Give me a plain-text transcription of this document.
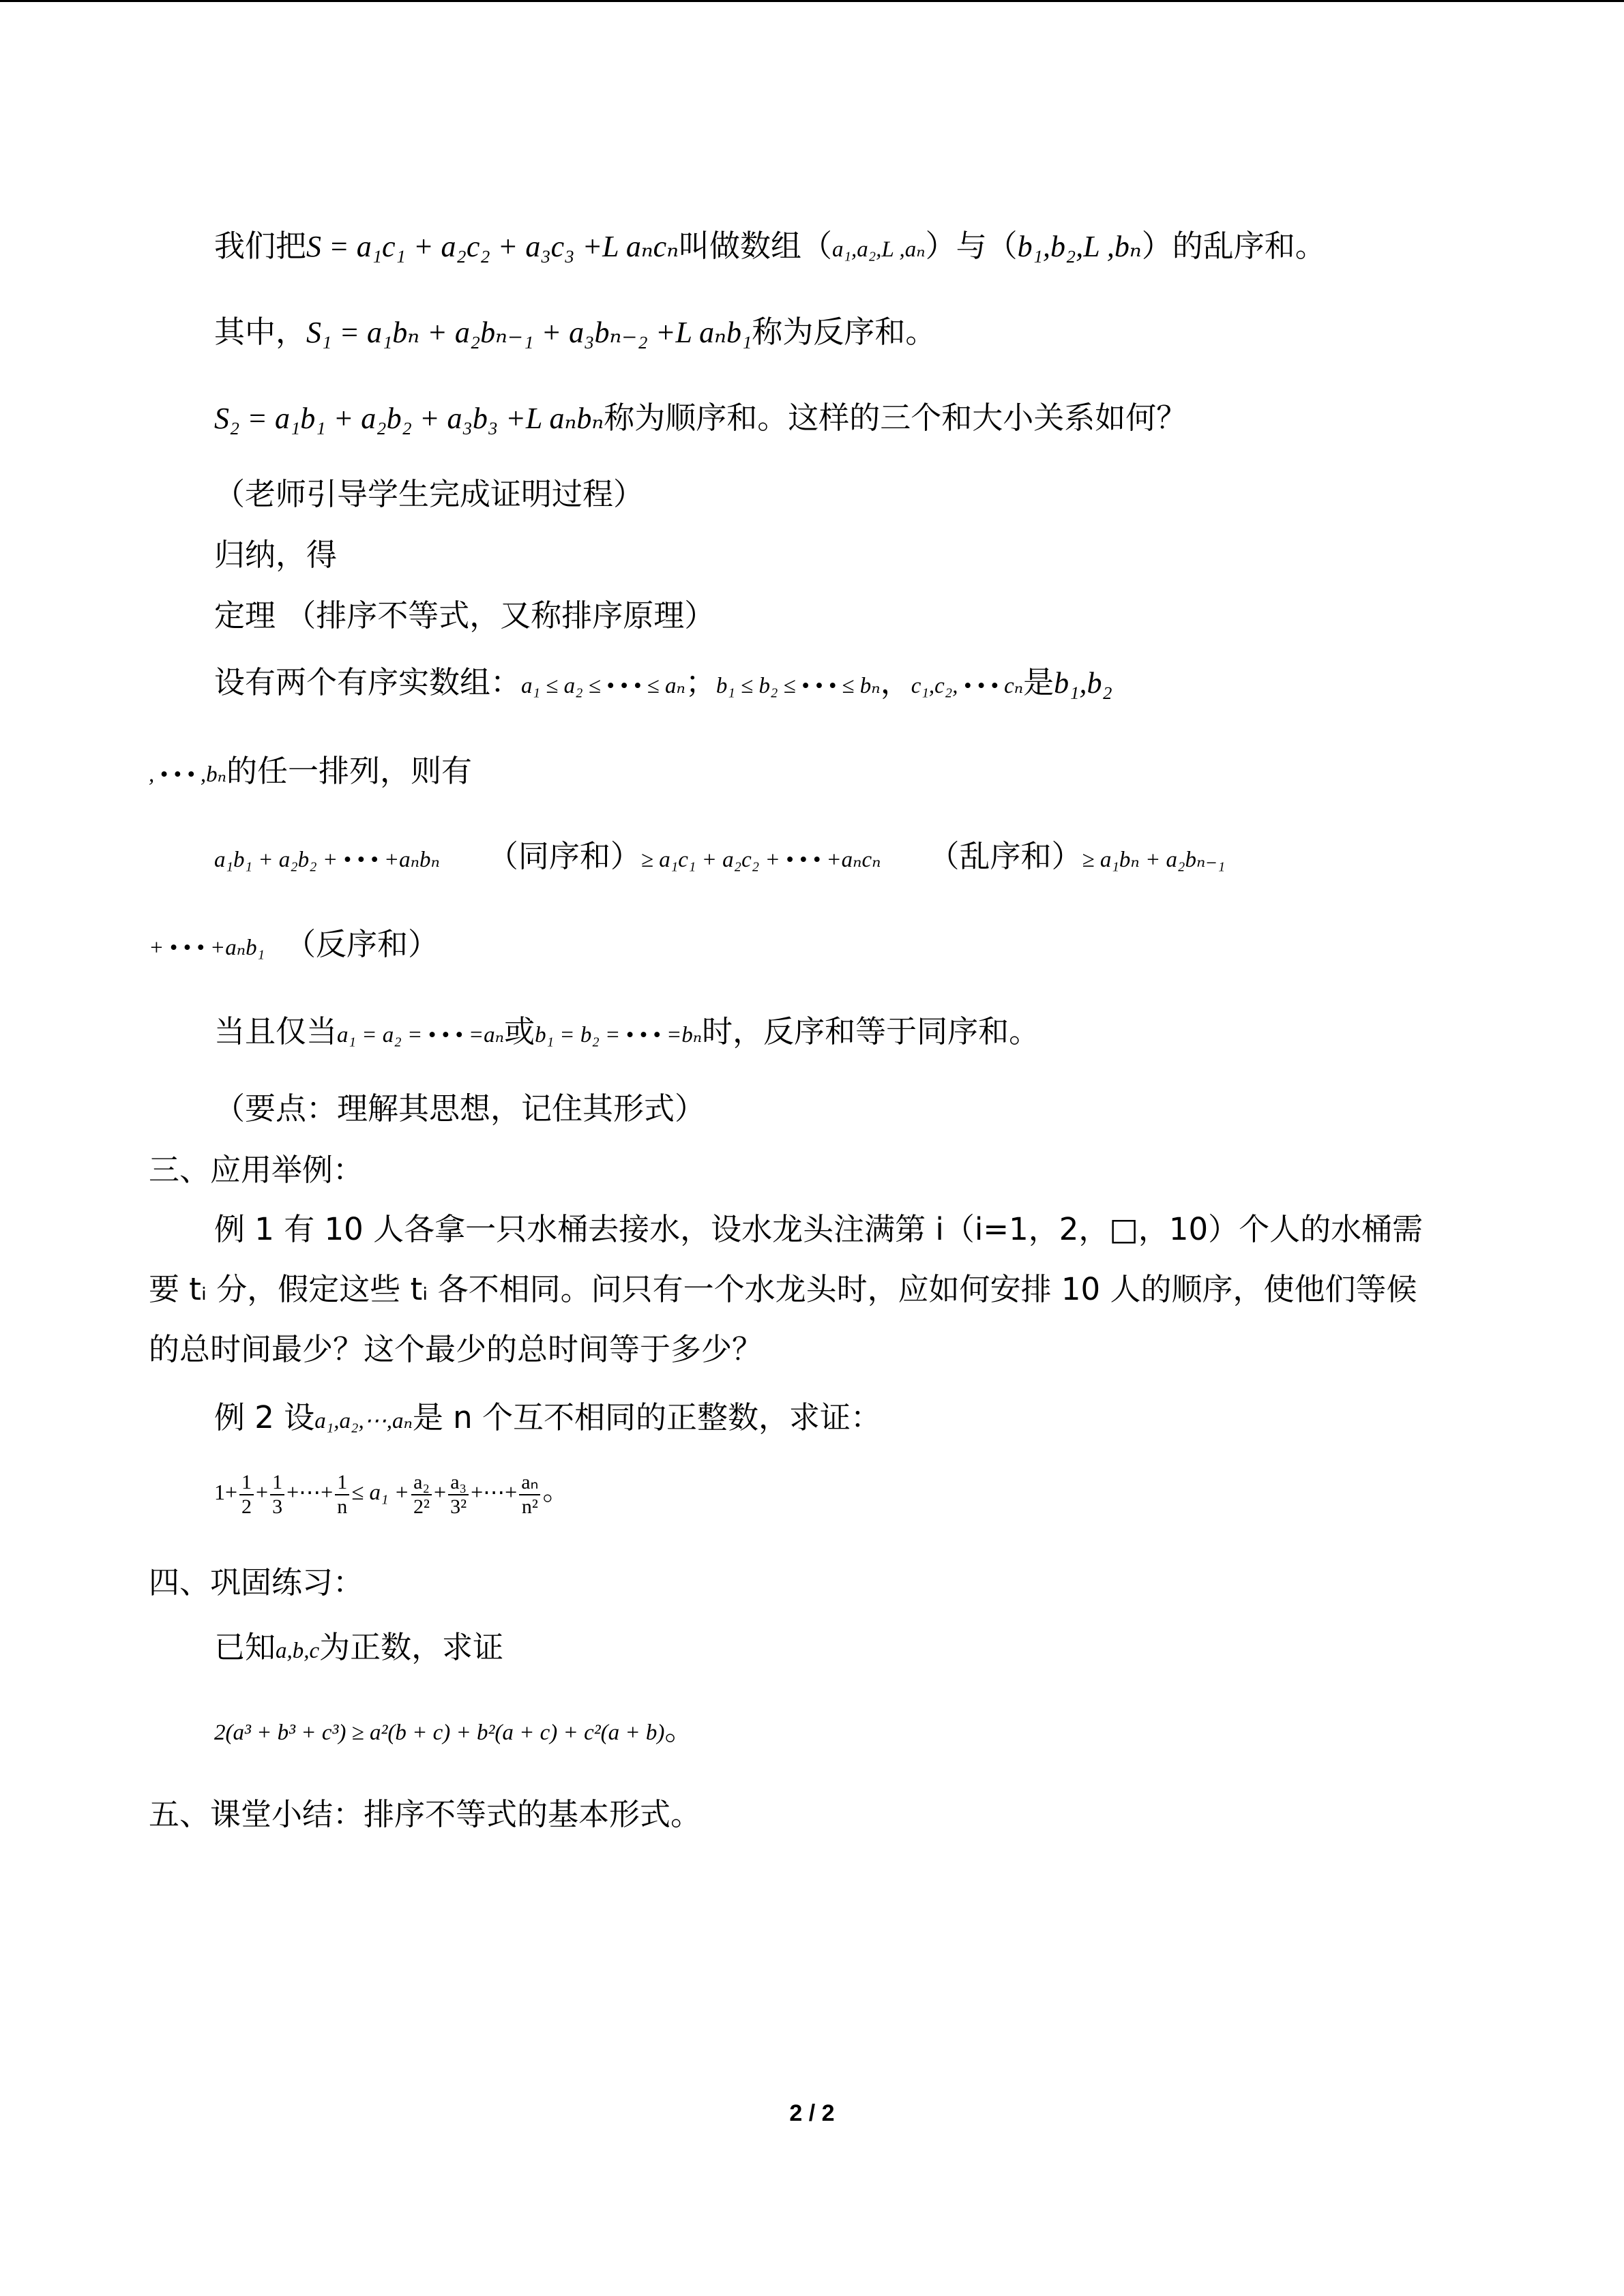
我们把S = a₁c₁ + a₂c₂ + a₃c₃ +L aₙcₙ叫做数组（a₁,a₂,L ,aₙ）与（b₁,b₂,L ,bₙ）的乱序和。
其中，S₁ = a₁bₙ + a₂bₙ₋₁ + a₃bₙ₋₂ +L aₙb₁称为反序和。
S₂ = a₁b₁ + a₂b₂ + a₃b₃ +L aₙbₙ称为顺序和。这样的三个和大小关系如何？
（老师引导学生完成证明过程）
归纳，得
定理 （排序不等式，又称排序原理）
设有两个有序实数组：a₁ ≤ a₂ ≤ • • • ≤ aₙ；b₁ ≤ b₂ ≤ • • • ≤ bₙ，c₁,c₂, • • • cₙ是b₁,b₂
, • • • ,bₙ的任一排列，则有
a₁b₁ + a₂b₂ + • • • +aₙbₙ （同序和）≥ a₁c₁ + a₂c₂ + • • • +aₙcₙ （乱序和）≥ a₁bₙ + a₂bₙ₋₁
+ • • • +aₙb₁ （反序和）
当且仅当a₁ = a₂ = • • • =aₙ或b₁ = b₂ = • • • =bₙ时，反序和等于同序和。
（要点：理解其思想，记住其形式）
三、应用举例：
例 1 有 10 人各拿一只水桶去接水，设水龙头注满第 i（i=1，2，□，10）个人的水桶需
要 tᵢ 分，假定这些 tᵢ 各不相同。问只有一个水龙头时，应如何安排 10 人的顺序，使他们等候
的总时间最少？这个最少的总时间等于多少？
例 2 设a₁,a₂,⋯,aₙ是 n 个互不相同的正整数，求证：
$1+ \frac{1}{2} + \frac{1}{3}$ +⋯+ $\frac{1}{n} \le a_1 + \frac{\text{a₂}}{\text{2²}} + \frac{\text{a₃}}{\text{3²}}$ +⋯+ $\frac{\text{aₙ}}{\text{n²}}$ 。
四、巩固练习：
已知a,b,c为正数，求证
2(a³ + b³ + c³) ≥ a²(b + c) + b²(a + c) + c²(a + b)。
五、课堂小结：排序不等式的基本形式。
2 / 2
